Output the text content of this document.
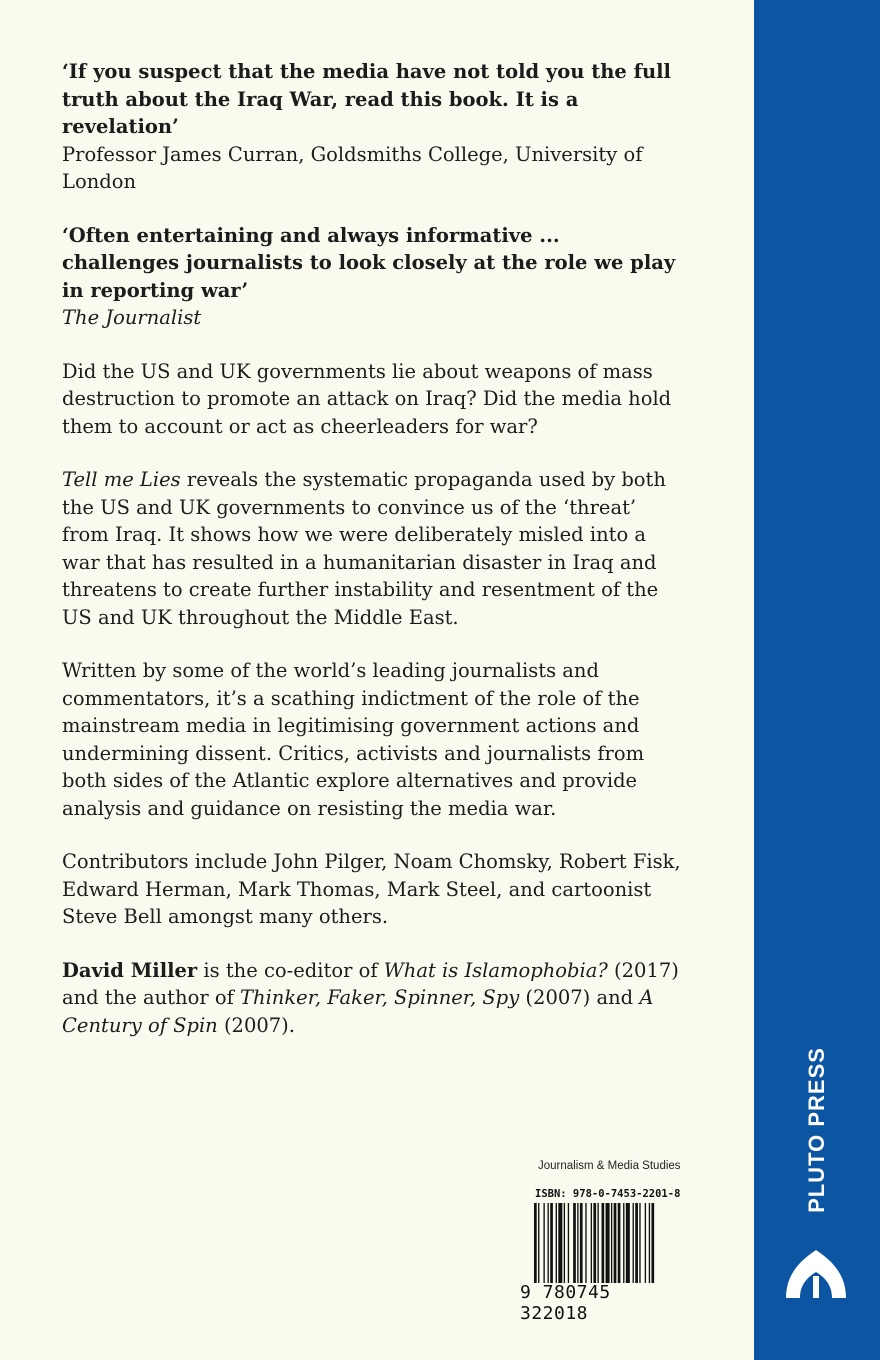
‘If you suspect that the media have not told you the full truth about the Iraq War, read this book. It is a revelation’
Professor James Curran, Goldsmiths College, University of London

‘Often entertaining and always informative ... challenges journalists to look closely at the role we play in reporting war’
The Journalist

Did the US and UK governments lie about weapons of mass destruction to promote an attack on Iraq? Did the media hold them to account or act as cheerleaders for war?

Tell me Lies reveals the systematic propaganda used by both the US and UK governments to convince us of the ‘threat’ from Iraq. It shows how we were deliberately misled into a war that has resulted in a humanitarian disaster in Iraq and threatens to create further instability and resentment of the US and UK throughout the Middle East.

Written by some of the world’s leading journalists and commentators, it’s a scathing indictment of the role of the mainstream media in legitimising government actions and undermining dissent. Critics, activists and journalists from both sides of the Atlantic explore alternatives and provide analysis and guidance on resisting the media war.

Contributors include John Pilger, Noam Chomsky, Robert Fisk, Edward Herman, Mark Thomas, Mark Steel, and cartoonist Steve Bell amongst many others.

David Miller is the co-editor of What is Islamophobia? (2017) and the author of Thinker, Faker, Spinner, Spy (2007) and A Century of Spin (2007).

Journalism & Media Studies
ISBN: 978-0-7453-2201-8
9 780745 322018
PLUTO PRESS
